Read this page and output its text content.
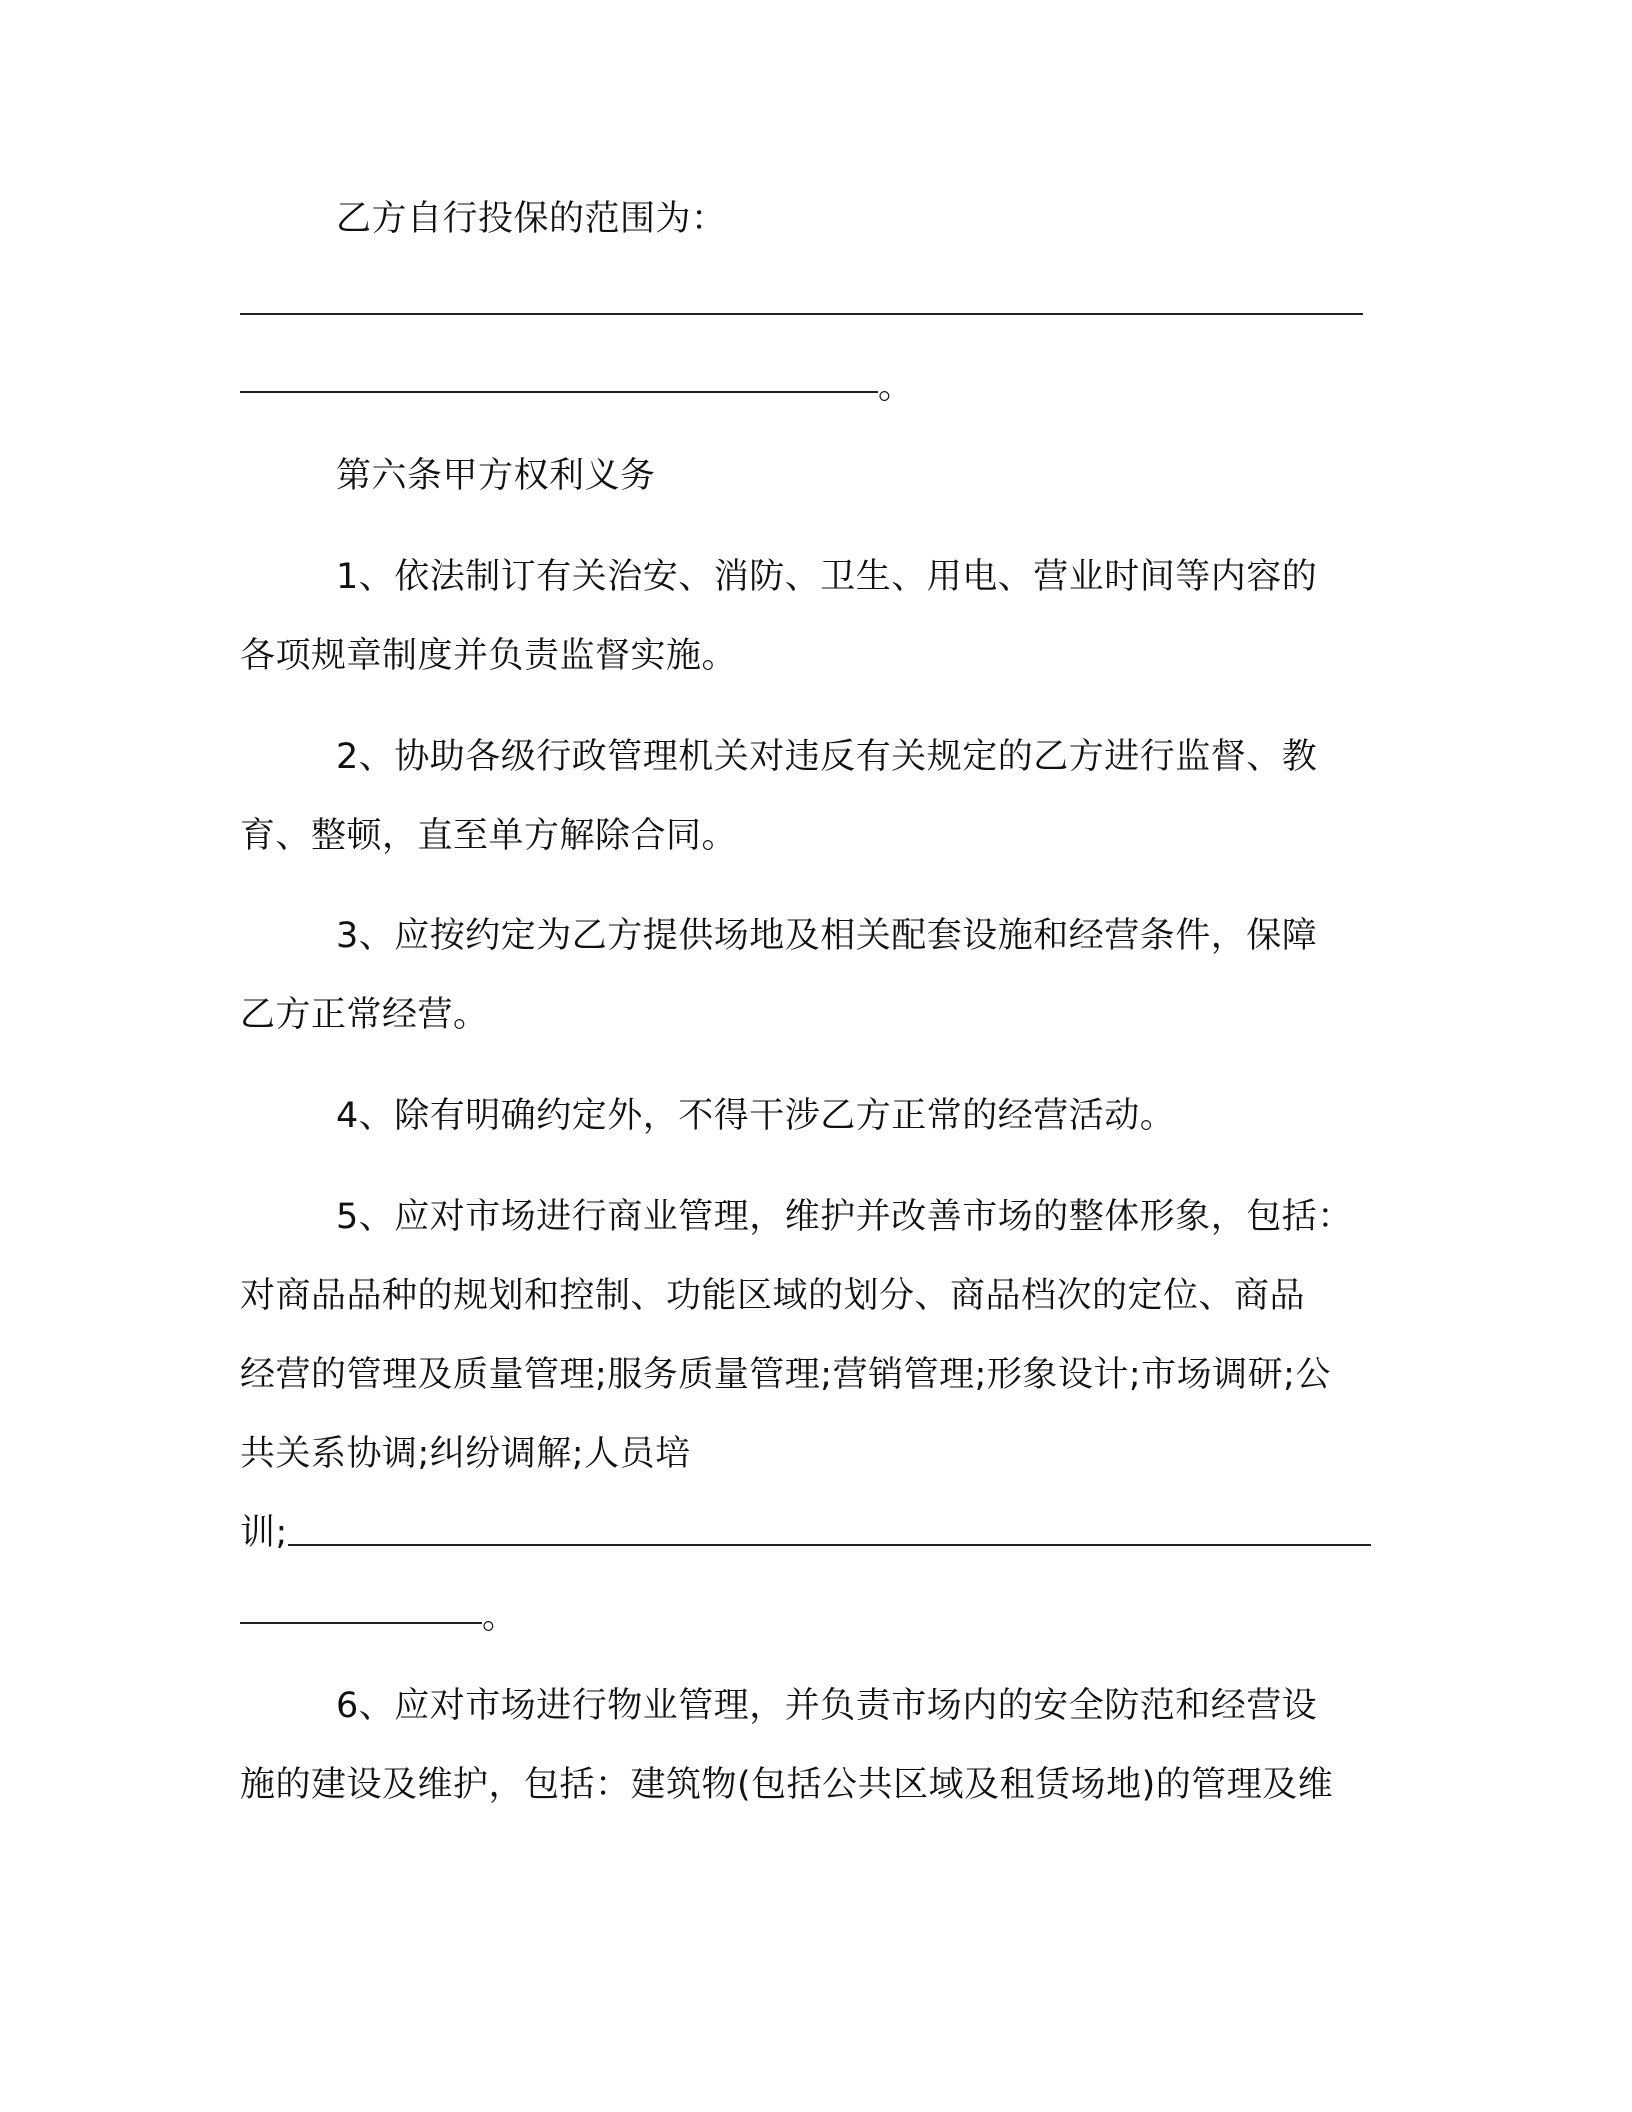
乙方自行投保的范围为：
。
第六条甲方权利义务
1、依法制订有关治安、消防、卫生、用电、营业时间等内容的
各项规章制度并负责监督实施。
2、协助各级行政管理机关对违反有关规定的乙方进行监督、教
育、整顿，直至单方解除合同。
3、应按约定为乙方提供场地及相关配套设施和经营条件，保障
乙方正常经营。
4、除有明确约定外，不得干涉乙方正常的经营活动。
5、应对市场进行商业管理，维护并改善市场的整体形象，包括：
对商品品种的规划和控制、功能区域的划分、商品档次的定位、商品
经营的管理及质量管理;服务质量管理;营销管理;形象设计;市场调研;公
共关系协调;纠纷调解;人员培
训;
。
6、应对市场进行物业管理，并负责市场内的安全防范和经营设
施的建设及维护，包括：建筑物(包括公共区域及租赁场地)的管理及维
